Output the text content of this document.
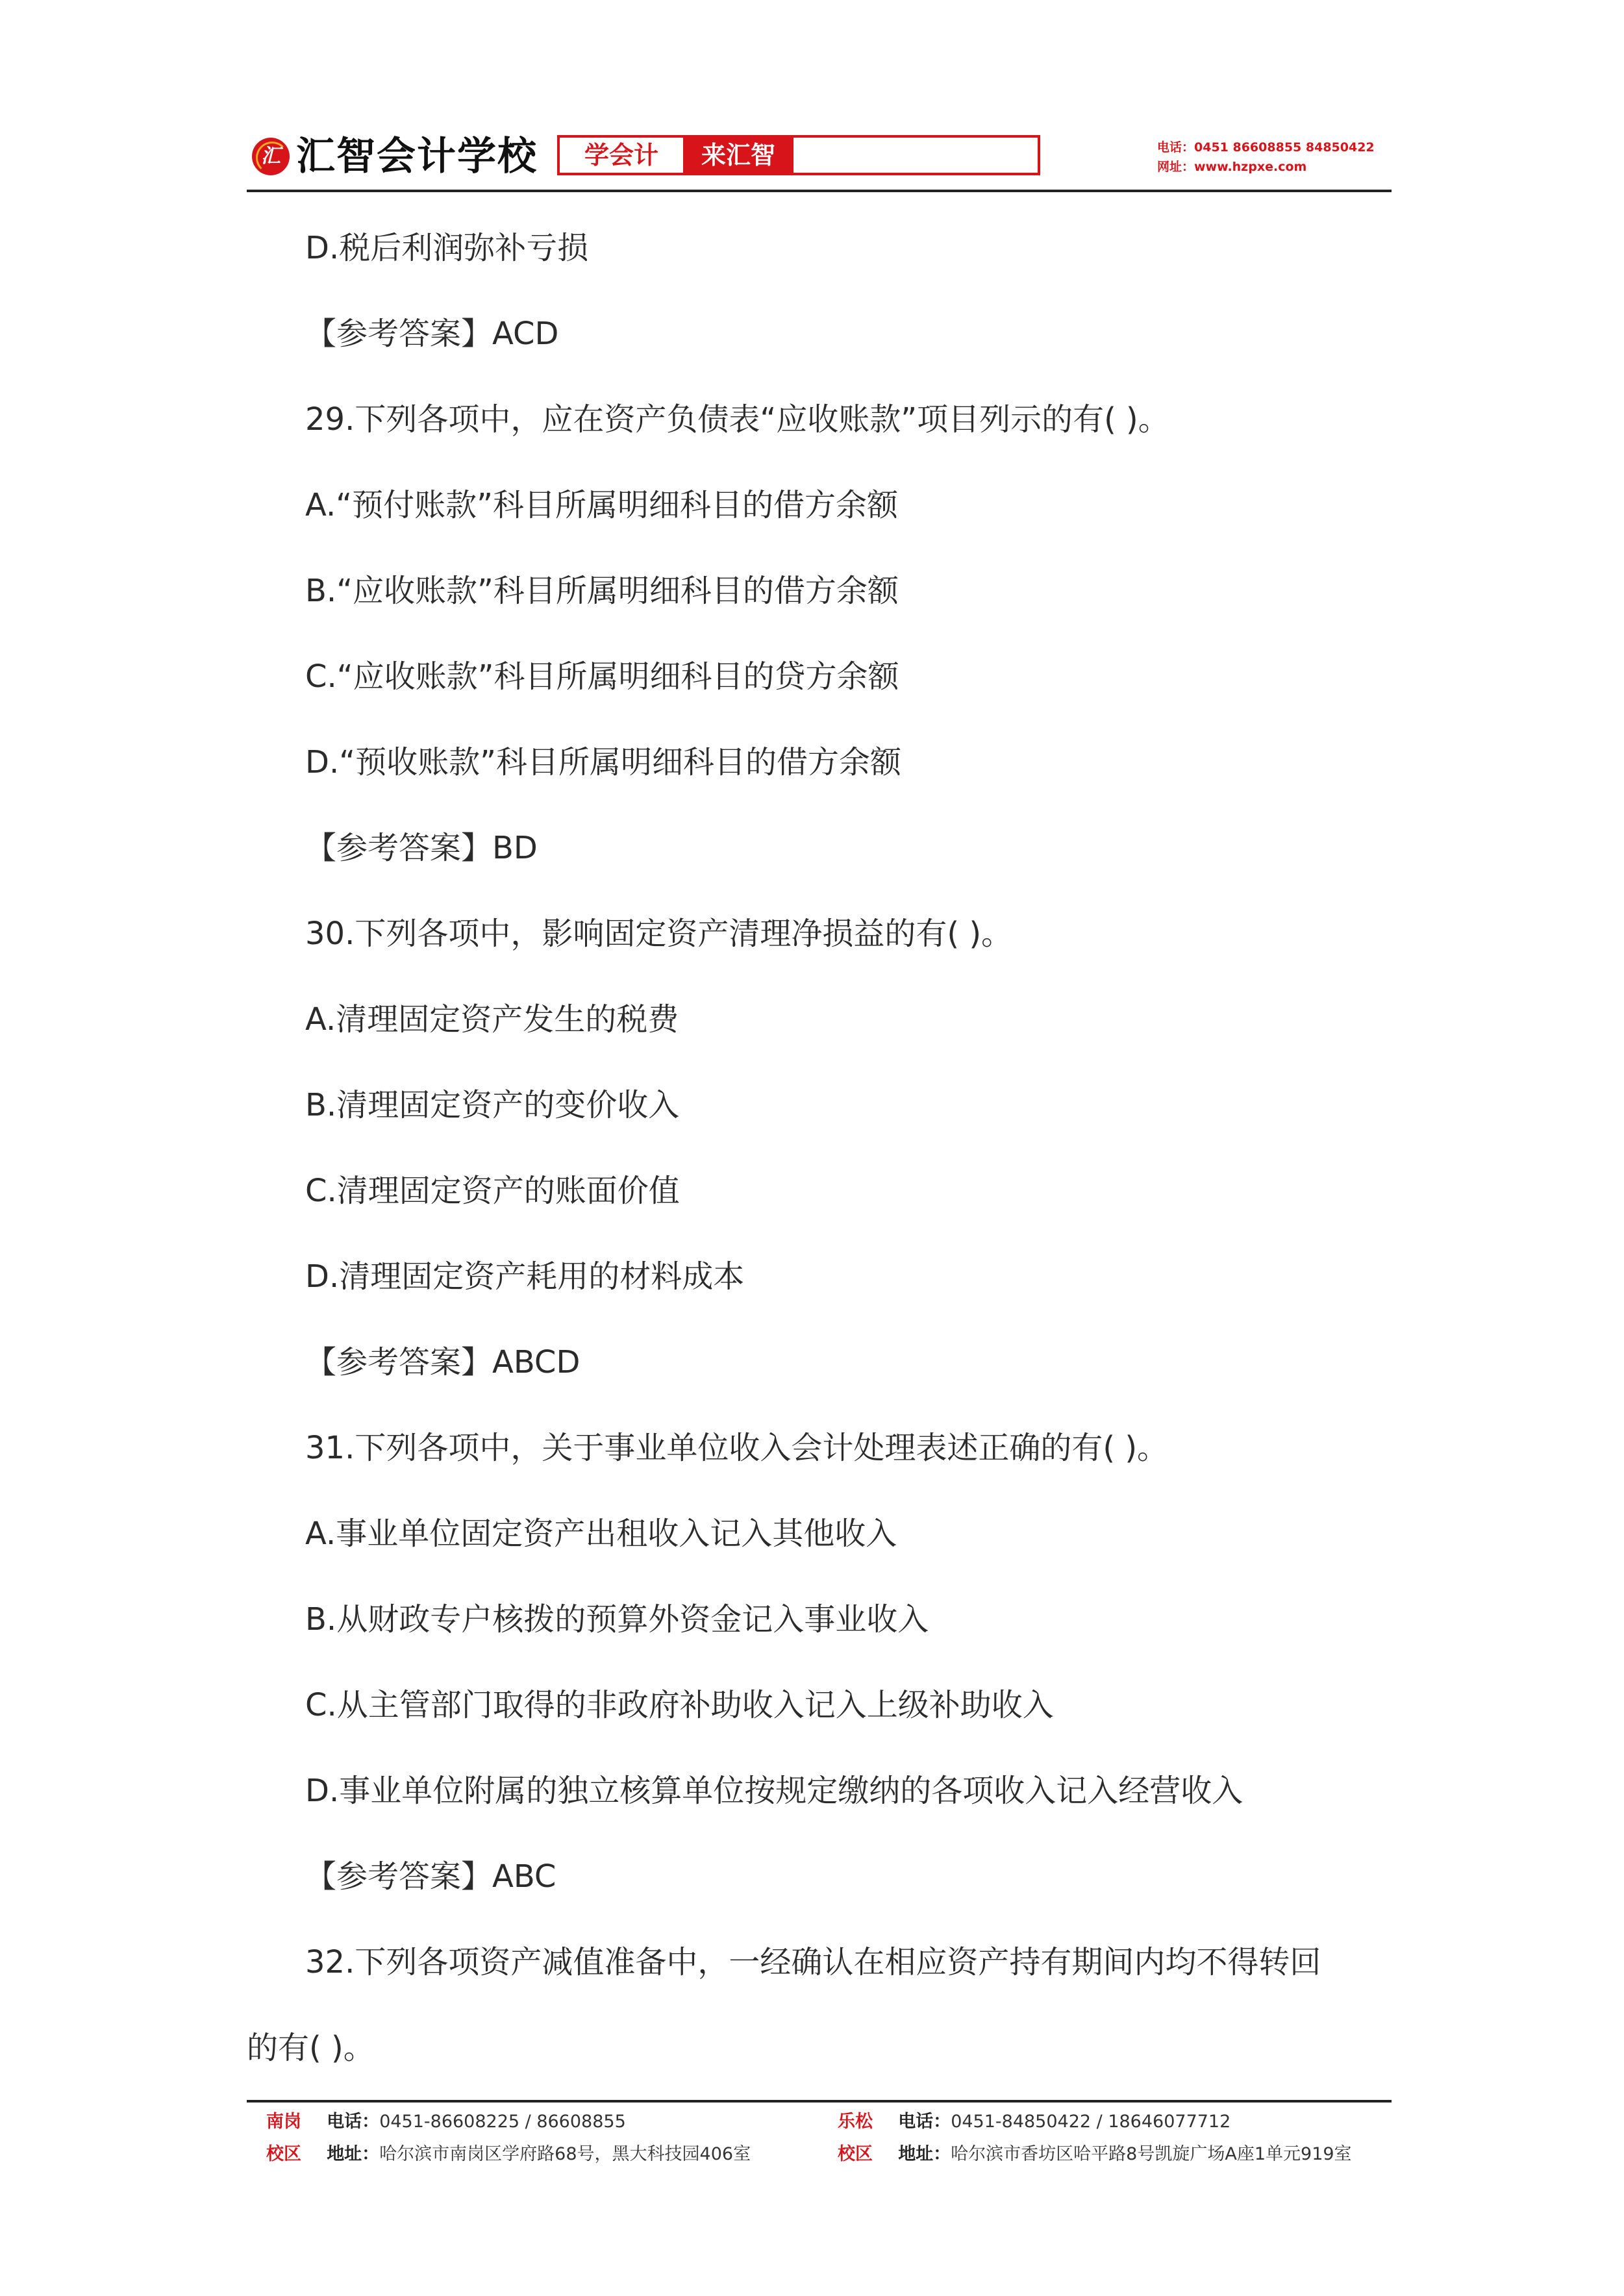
汇 汇智会计学校	学会计	来汇智	电话：0451 86608855 84850422
网址：www.hzpxe.com
D.税后利润弥补亏损
【参考答案】ACD
29.下列各项中，应在资产负债表“应收账款”项目列示的有( )。
A.“预付账款”科目所属明细科目的借方余额
B.“应收账款”科目所属明细科目的借方余额
C.“应收账款”科目所属明细科目的贷方余额
D.“预收账款”科目所属明细科目的借方余额
【参考答案】BD
30.下列各项中，影响固定资产清理净损益的有( )。
A.清理固定资产发生的税费
B.清理固定资产的变价收入
C.清理固定资产的账面价值
D.清理固定资产耗用的材料成本
【参考答案】ABCD
31.下列各项中，关于事业单位收入会计处理表述正确的有( )。
A.事业单位固定资产出租收入记入其他收入
B.从财政专户核拨的预算外资金记入事业收入
C.从主管部门取得的非政府补助收入记入上级补助收入
D.事业单位附属的独立核算单位按规定缴纳的各项收入记入经营收入
【参考答案】ABC
32.下列各项资产减值准备中，一经确认在相应资产持有期间内均不得转回
的有( )。
南岗 电话：0451-86608225 / 86608855
校区 地址：哈尔滨市南岗区学府路68号，黑大科技园406室
乐松 电话：0451-84850422 / 18646077712
校区 地址：哈尔滨市香坊区哈平路8号凯旋广场A座1单元919室
